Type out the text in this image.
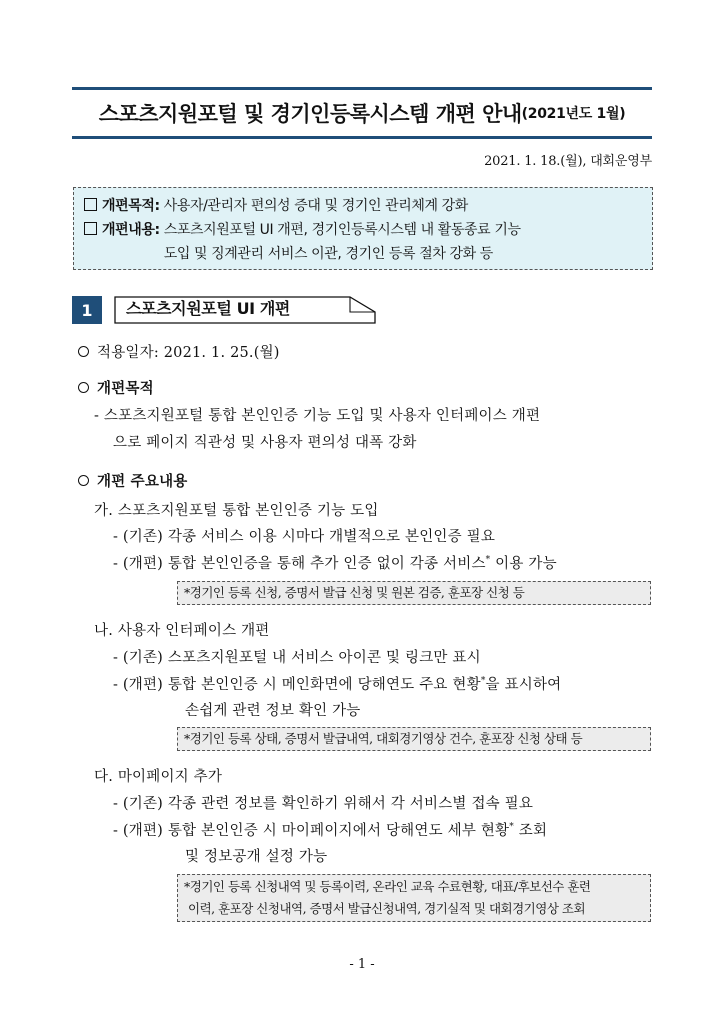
스포츠지원포털 및 경기인등록시스템 개편 안내 (2021년도 1월)
2021. 1. 18.(월), 대회운영부
개편목적: 사용자/관리자 편의성 증대 및 경기인 관리체계 강화
개편내용: 스포츠지원포털 UI 개편, 경기인등록시스템 내 활동종료 기능
도입 및 징계관리 서비스 이관, 경기인 등록 절차 강화 등
1	스포츠지원포털 UI 개편
적용일자: 2021. 1. 25.(월)
개편목적
- 스포츠지원포털 통합 본인인증 기능 도입 및 사용자 인터페이스 개편
으로 페이지 직관성 및 사용자 편의성 대폭 강화
개편 주요내용
가. 스포츠지원포털 통합 본인인증 기능 도입
- (기존) 각종 서비스 이용 시마다 개별적으로 본인인증 필요
- (개편) 통합 본인인증을 통해 추가 인증 없이 각종 서비스* 이용 가능
*경기인 등록 신청, 증명서 발급 신청 및 원본 검증, 훈포장 신청 등
나. 사용자 인터페이스 개편
- (기존) 스포츠지원포털 내 서비스 아이콘 및 링크만 표시
- (개편) 통합 본인인증 시 메인화면에 당해연도 주요 현황*을 표시하여
손쉽게 관련 정보 확인 가능
*경기인 등록 상태, 증명서 발급내역, 대회경기영상 건수, 훈포장 신청 상태 등
다. 마이페이지 추가
- (기존) 각종 관련 정보를 확인하기 위해서 각 서비스별 접속 필요
- (개편) 통합 본인인증 시 마이페이지에서 당해연도 세부 현황* 조회
및 정보공개 설정 가능
*경기인 등록 신청내역 및 등록이력, 온라인 교육 수료현황, 대표/후보선수 훈련
이력, 훈포장 신청내역, 증명서 발급신청내역, 경기실적 및 대회경기영상 조회
- 1 -
